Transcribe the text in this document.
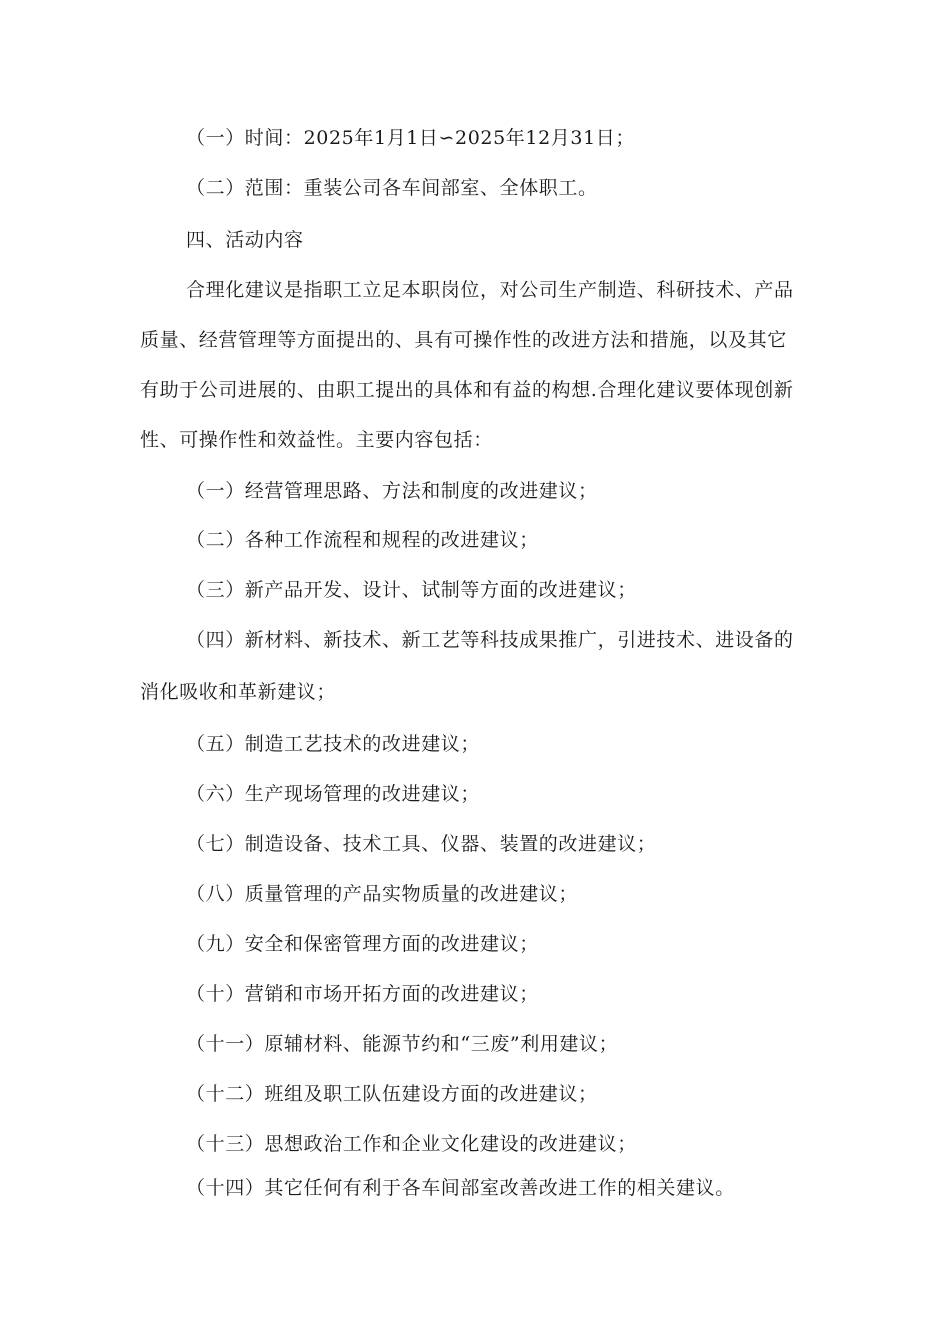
（一）时间：2025年1月1日∽2025年12月31日；
（二）范围：重装公司各车间部室、全体职工。
四、活动内容
合理化建议是指职工立足本职岗位，对公司生产制造、科研技术、产品
质量、经营管理等方面提出的、具有可操作性的改进方法和措施，以及其它
有助于公司进展的、由职工提出的具体和有益的构想.合理化建议要体现创新
性、可操作性和效益性。主要内容包括：
（一）经营管理思路、方法和制度的改进建议；
（二）各种工作流程和规程的改进建议；
（三）新产品开发、设计、试制等方面的改进建议；
（四）新材料、新技术、新工艺等科技成果推广，引进技术、进设备的
消化吸收和革新建议；
（五）制造工艺技术的改进建议；
（六）生产现场管理的改进建议；
（七）制造设备、技术工具、仪器、装置的改进建议；
（八）质量管理的产品实物质量的改进建议；
（九）安全和保密管理方面的改进建议；
（十）营销和市场开拓方面的改进建议；
（十一）原辅材料、能源节约和“三废”利用建议；
（十二）班组及职工队伍建设方面的改进建议；
（十三）思想政治工作和企业文化建设的改进建议；
（十四）其它任何有利于各车间部室改善改进工作的相关建议。
